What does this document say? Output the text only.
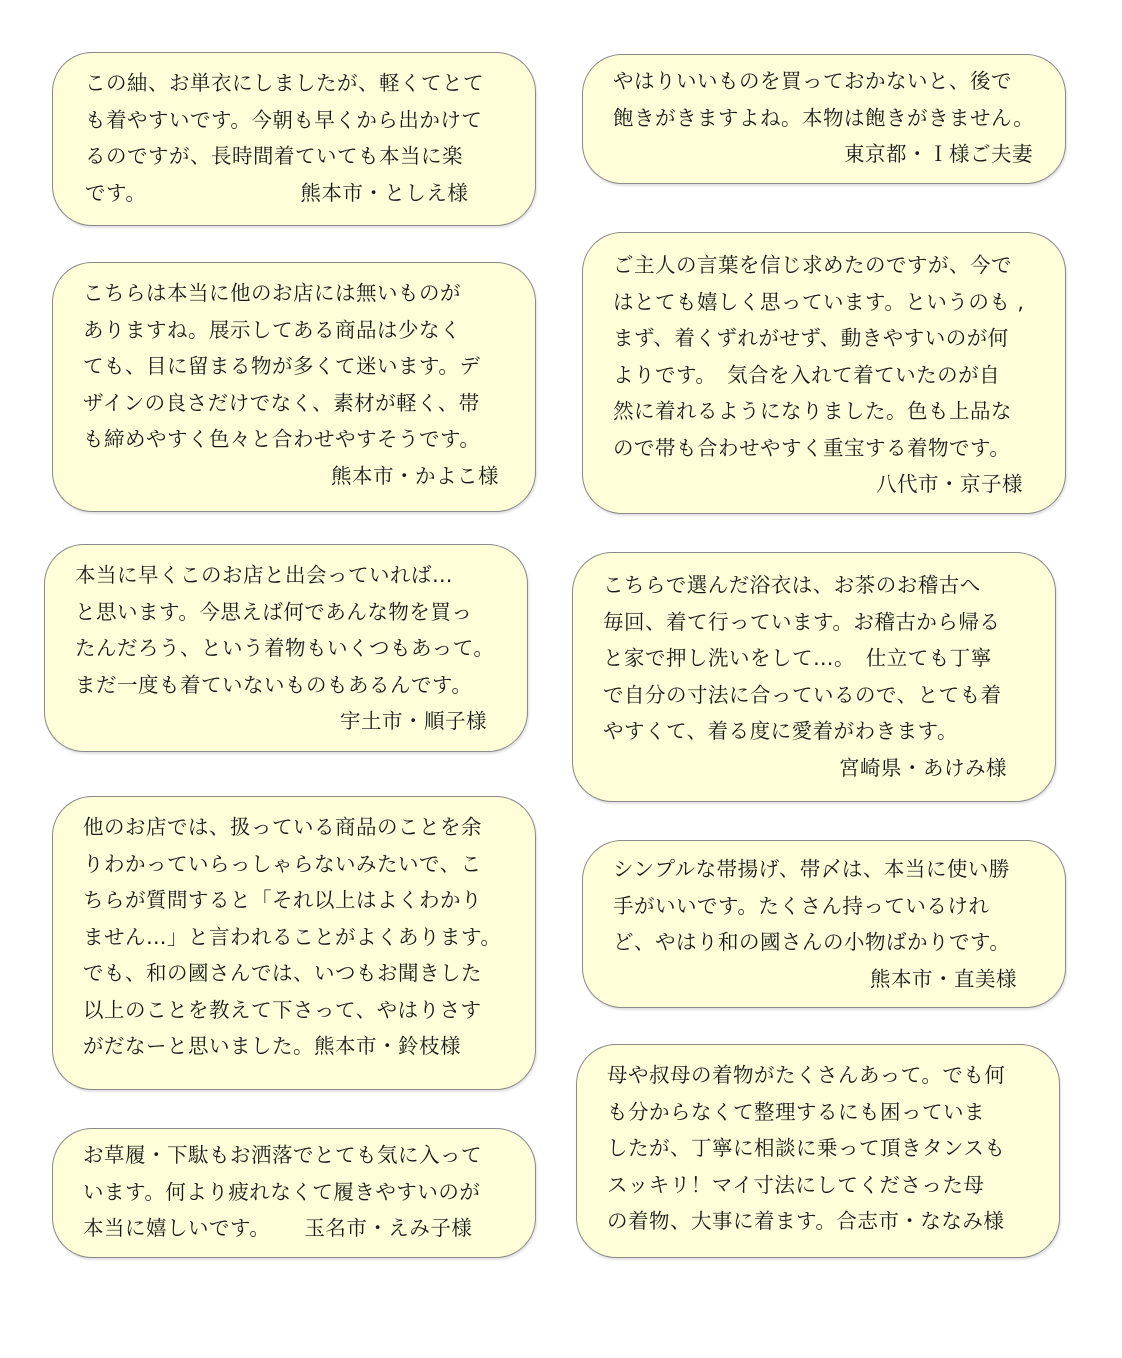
この紬、お単衣にしましたが、軽くてとて
も着やすいです。今朝も早くから出かけて
るのですが、長時間着ていても本当に楽
です。	熊本市・としえ様
やはりいいものを買っておかないと、後で
飽きがきますよね。本物は飽きがきません。
東京都・Ｉ様ご夫妻
こちらは本当に他のお店には無いものが
ありますね。展示してある商品は少なく
ても、目に留まる物が多くて迷います。デ
ザインの良さだけでなく、素材が軽く、帯
も締めやすく色々と合わせやすそうです。
熊本市・かよこ様
ご主人の言葉を信じ求めたのですが、今で
はとても嬉しく思っています。というのも ,
まず、着くずれがせず、動きやすいのが何
よりです。　気合を入れて着ていたのが自
然に着れるようになりました。色も上品な
ので帯も合わせやすく重宝する着物です。
八代市・京子様
本当に早くこのお店と出会っていれば…
と思います。今思えば何であんな物を買っ
たんだろう、という着物もいくつもあって。
まだ一度も着ていないものもあるんです。
宇土市・順子様
こちらで選んだ浴衣は、お茶のお稽古へ
毎回、着て行っています。お稽古から帰る
と家で押し洗いをして…。　仕立ても丁寧
で自分の寸法に合っているので、とても着
やすくて、着る度に愛着がわきます。
宮崎県・あけみ様
他のお店では、扱っている商品のことを余
りわかっていらっしゃらないみたいで、こ
ちらが質問すると「それ以上はよくわかり
ません…」と言われることがよくあります。
でも、和の國さんでは、いつもお聞きした
以上のことを教えて下さって、やはりさす
がだなーと思いました。熊本市・鈴枝様
シンプルな帯揚げ、帯〆は、本当に使い勝
手がいいです。たくさん持っているけれ
ど、やはり和の國さんの小物ばかりです。
熊本市・直美様
お草履・下駄もお洒落でとても気に入って
います。何より疲れなくて履きやすいのが
本当に嬉しいです。 玉名市・えみ子様
母や叔母の着物がたくさんあって。でも何
も分からなくて整理するにも困っていま
したが、丁寧に相談に乗って頂きタンスも
スッキリ！マイ寸法にしてくださった母
の着物、大事に着ます。合志市・ななみ様
